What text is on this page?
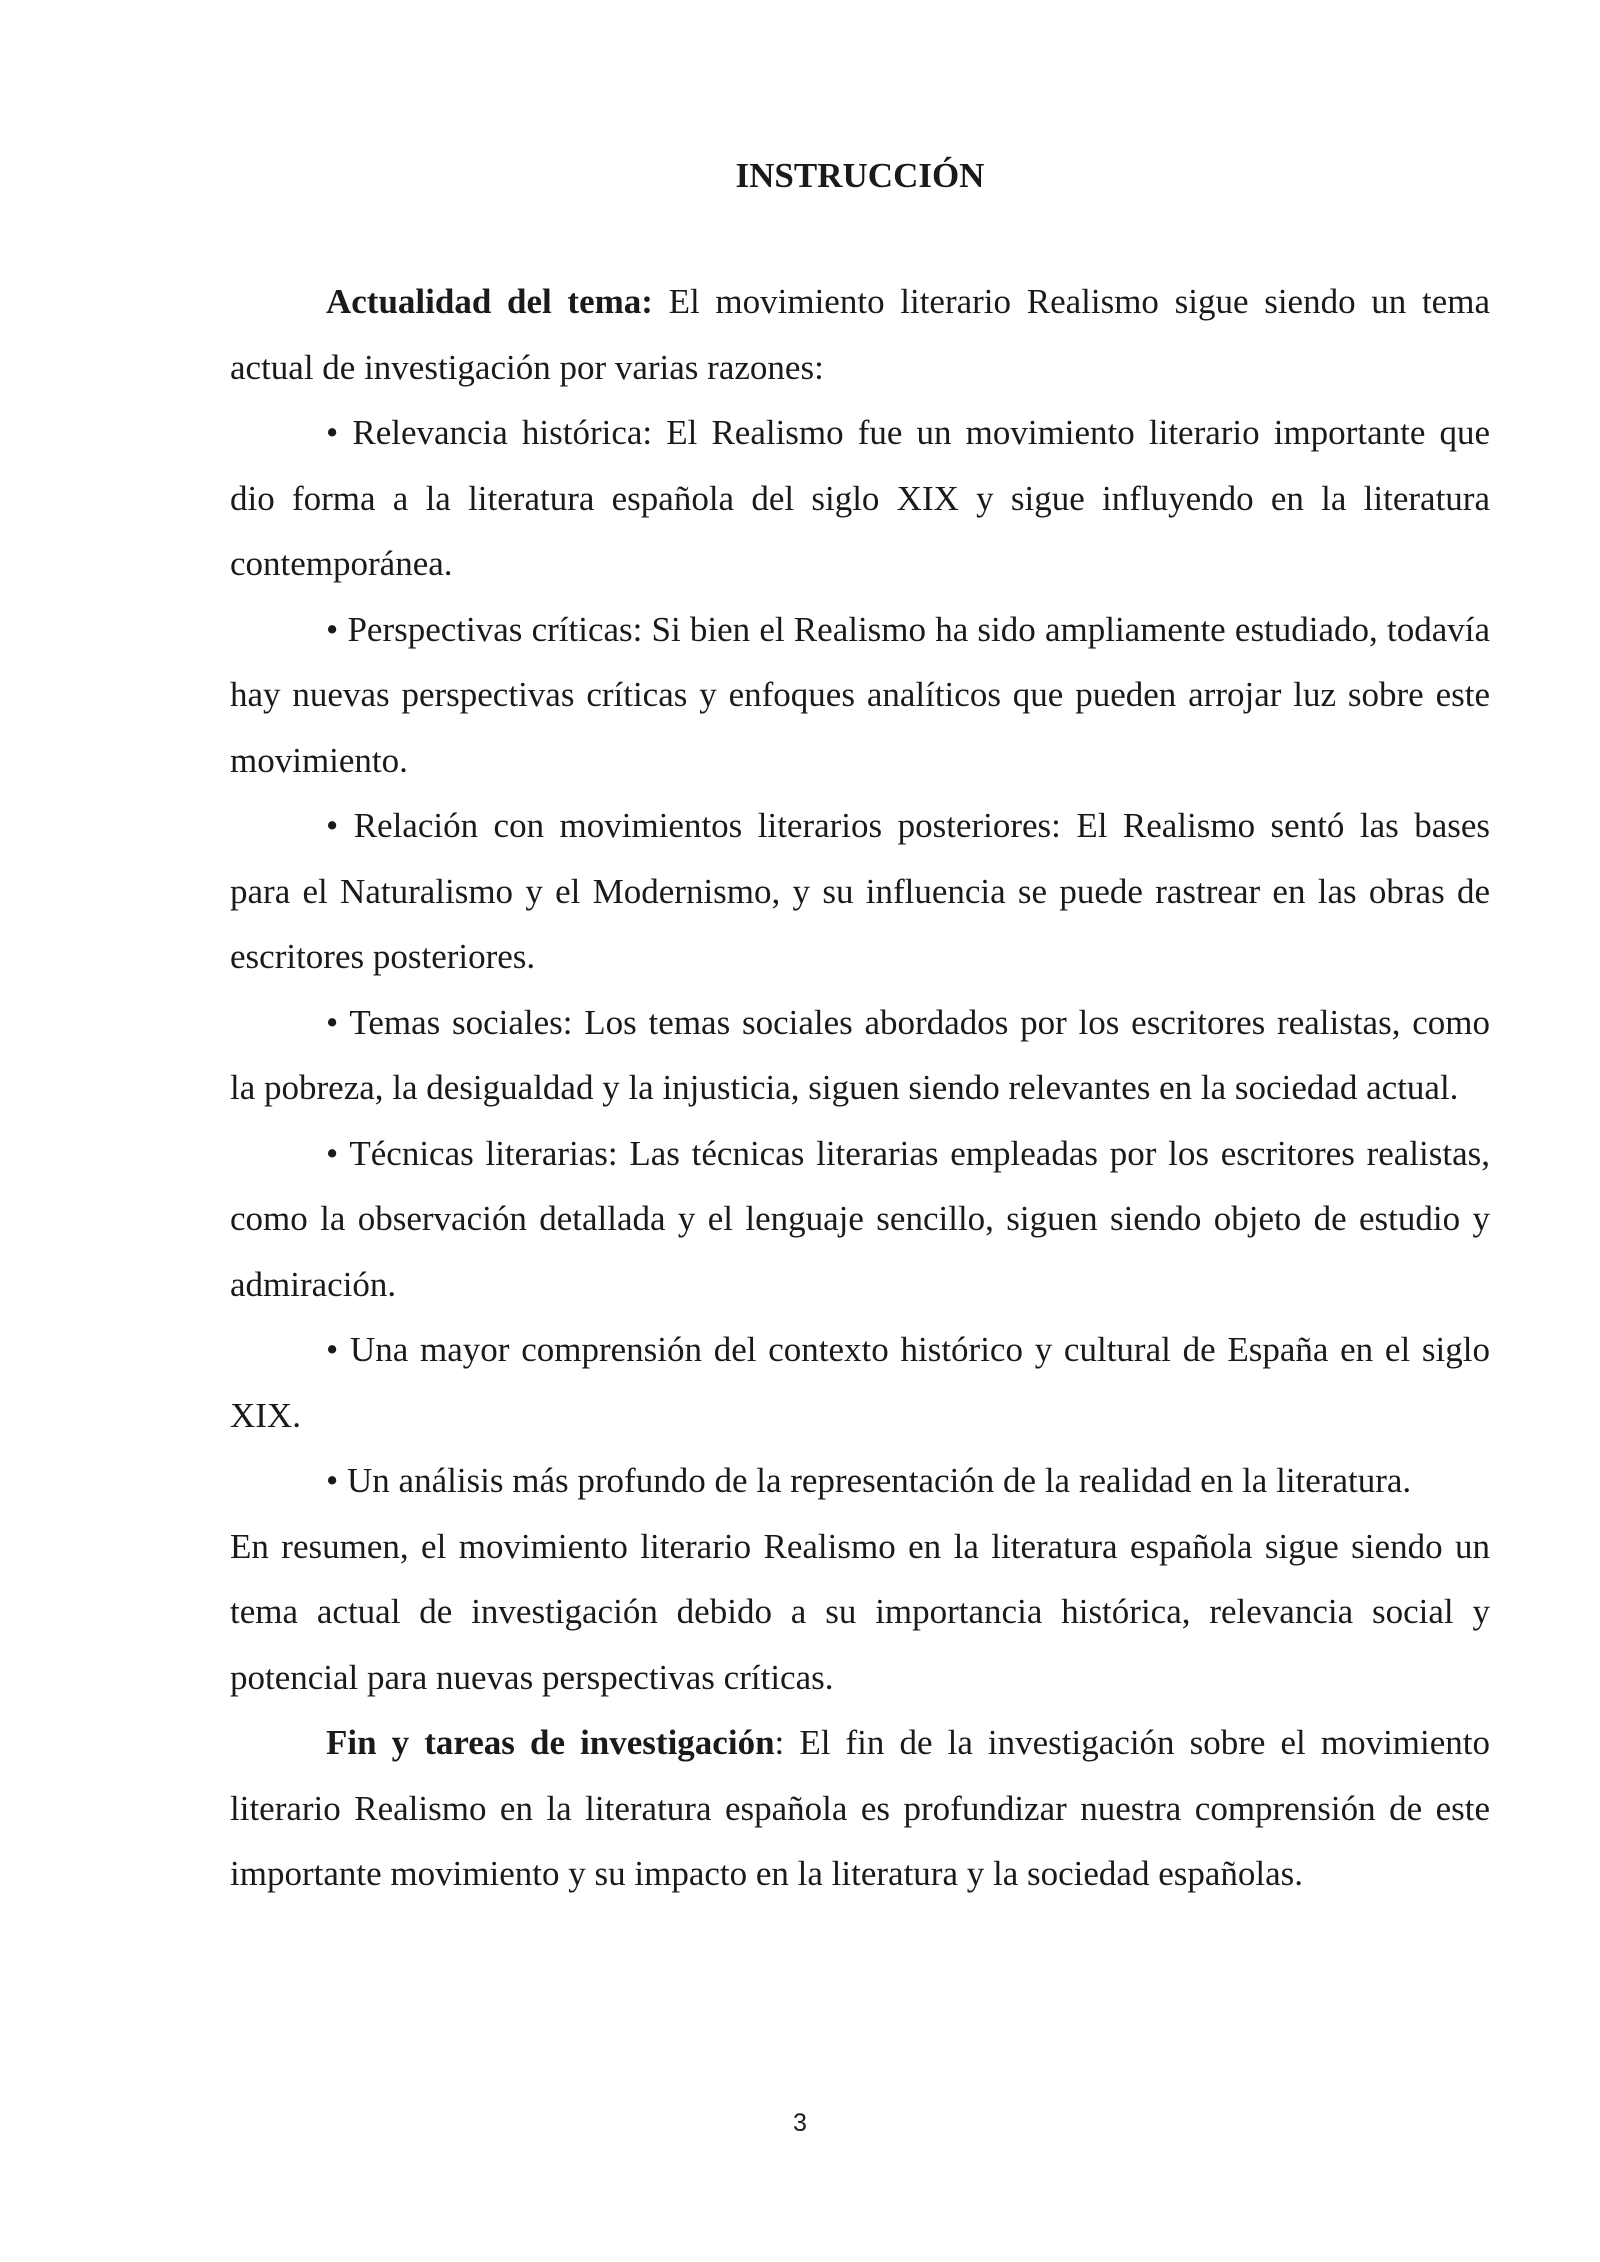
INSTRUCCIÓN

Actualidad del tema: El movimiento literario Realismo sigue siendo un tema actual de investigación por varias razones:

• Relevancia histórica: El Realismo fue un movimiento literario importante que dio forma a la literatura española del siglo XIX y sigue influyendo en la literatura contemporánea.

• Perspectivas críticas: Si bien el Realismo ha sido ampliamente estudiado, todavía hay nuevas perspectivas críticas y enfoques analíticos que pueden arrojar luz sobre este movimiento.

• Relación con movimientos literarios posteriores: El Realismo sentó las bases para el Naturalismo y el Modernismo, y su influencia se puede rastrear en las obras de escritores posteriores.

• Temas sociales: Los temas sociales abordados por los escritores realistas, como la pobreza, la desigualdad y la injusticia, siguen siendo relevantes en la sociedad actual.

• Técnicas literarias: Las técnicas literarias empleadas por los escritores realistas, como la observación detallada y el lenguaje sencillo, siguen siendo objeto de estudio y admiración.

• Una mayor comprensión del contexto histórico y cultural de España en el siglo XIX.

• Un análisis más profundo de la representación de la realidad en la literatura.

En resumen, el movimiento literario Realismo en la literatura española sigue siendo un tema actual de investigación debido a su importancia histórica, relevancia social y potencial para nuevas perspectivas críticas.

Fin y tareas de investigación: El fin de la investigación sobre el movimiento literario Realismo en la literatura española es profundizar nuestra comprensión de este importante movimiento y su impacto en la literatura y la sociedad españolas.

3
